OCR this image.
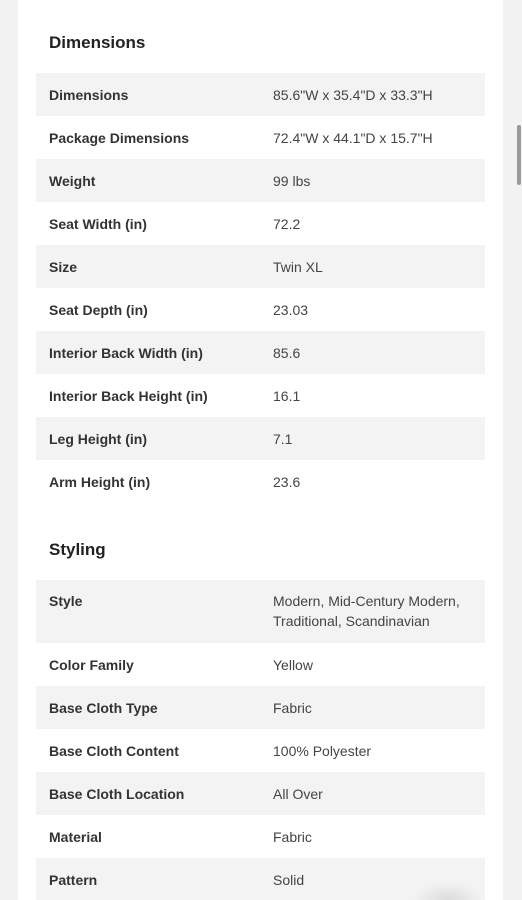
Dimensions
Dimensions	85.6"W x 35.4"D x 33.3"H
Package Dimensions	72.4"W x 44.1"D x 15.7"H
Weight	99 lbs
Seat Width (in)	72.2
Size	Twin XL
Seat Depth (in)	23.03
Interior Back Width (in)	85.6
Interior Back Height (in)	16.1
Leg Height (in)	7.1
Arm Height (in)	23.6
Styling
Style	Modern, Mid-Century Modern, Traditional, Scandinavian
Color Family	Yellow
Base Cloth Type	Fabric
Base Cloth Content	100% Polyester
Base Cloth Location	All Over
Material	Fabric
Pattern	Solid
